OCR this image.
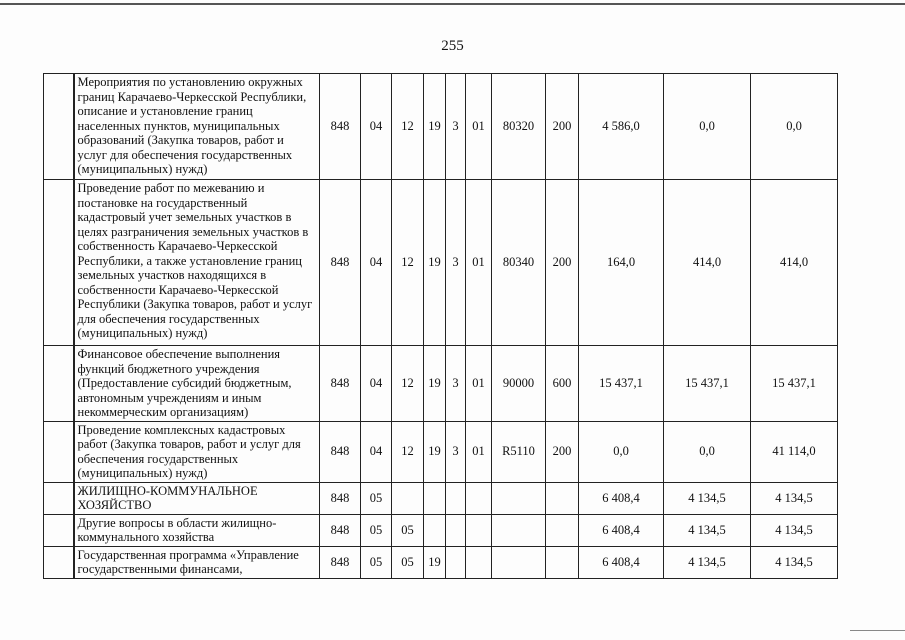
255
	Мероприятия по установлению окружных границ Карачаево-Черкесской Республики, описание и установление границ населенных пунктов, муниципальных образований (Закупка товаров, работ и услуг для обеспечения государственных (муниципальных) нужд)	848	04	12	19	3	01	80320	200	4 586,0	0,0	0,0
	Проведение работ по межеванию и постановке на государственный кадастровый учет земельных участков в целях разграничения земельных участков в собственность Карачаево-Черкесской Республики, а также установление границ земельных участков находящихся в собственности Карачаево-Черкесской Республики (Закупка товаров, работ и услуг для обеспечения государственных (муниципальных) нужд)	848	04	12	19	3	01	80340	200	164,0	414,0	414,0
	Финансовое обеспечение выполнения функций бюджетного учреждения (Предоставление субсидий бюджетным, автономным учреждениям и иным некоммерческим организациям)	848	04	12	19	3	01	90000	600	15 437,1	15 437,1	15 437,1
	Проведение комплексных кадастровых работ (Закупка товаров, работ и услуг для обеспечения государственных (муниципальных) нужд)	848	04	12	19	3	01	R5110	200	0,0	0,0	41 114,0
	ЖИЛИЩНО-КОММУНАЛЬНОЕ ХОЗЯЙСТВО	848	05							6 408,4	4 134,5	4 134,5
	Другие вопросы в области жилищно-коммунального хозяйства	848	05	05						6 408,4	4 134,5	4 134,5
	Государственная программа «Управление государственными финансами,	848	05	05	19					6 408,4	4 134,5	4 134,5
